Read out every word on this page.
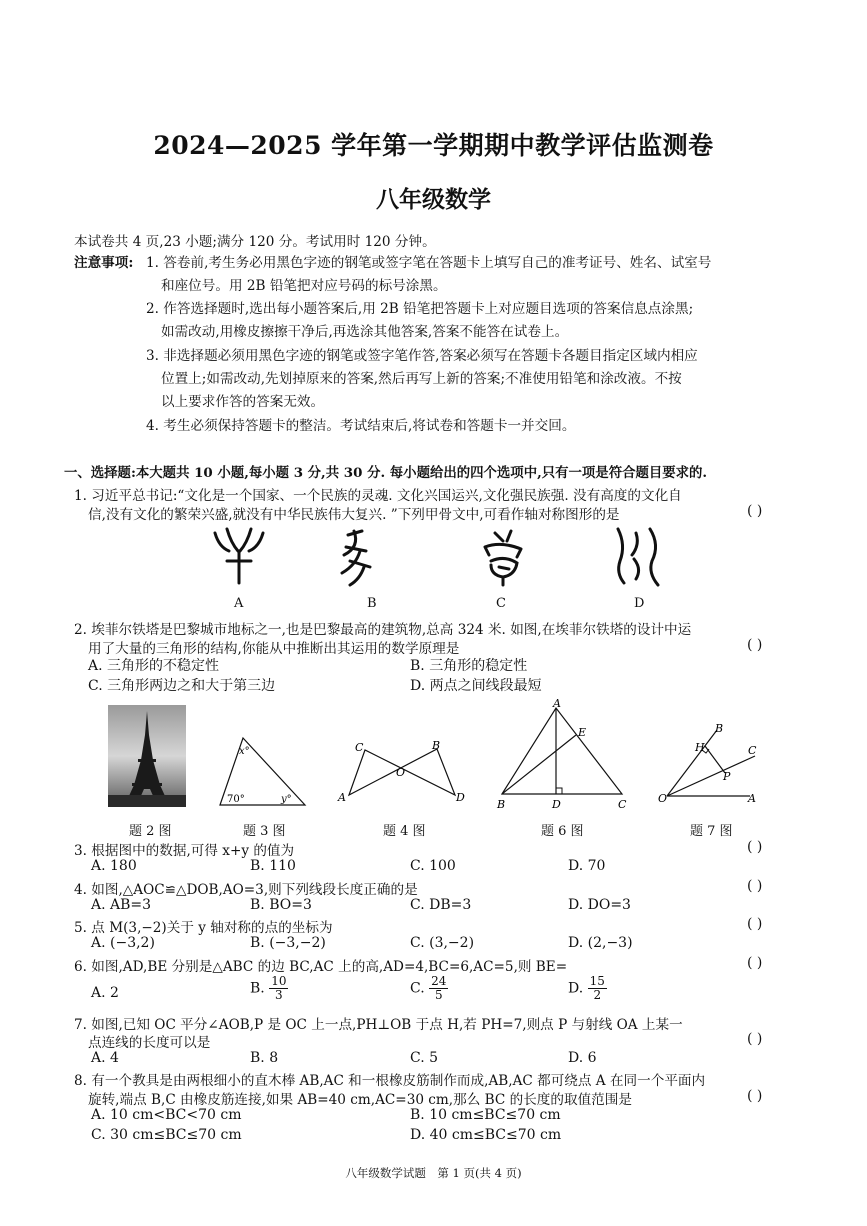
2024—2025 学年第一学期期中教学评估监测卷
八年级数学
本试卷共 4 页,23 小题;满分 120 分。考试用时 120 分钟。
注意事项: 1. 答卷前,考生务必用黑色字迹的钢笔或签字笔在答题卡上填写自己的准考证号、姓名、试室号
和座位号。用 2B 铅笔把对应号码的标号涂黑。
2. 作答选择题时,选出每小题答案后,用 2B 铅笔把答题卡上对应题目选项的答案信息点涂黑;
如需改动,用橡皮擦擦干净后,再选涂其他答案,答案不能答在试卷上。
3. 非选择题必须用黑色字迹的钢笔或签字笔作答,答案必须写在答题卡各题目指定区域内相应
位置上;如需改动,先划掉原来的答案,然后再写上新的答案;不准使用铅笔和涂改液。不按
以上要求作答的答案无效。
4. 考生必须保持答题卡的整洁。考试结束后,将试卷和答题卡一并交回。
一、选择题:本大题共 10 小题,每小题 3 分,共 30 分. 每小题给出的四个选项中,只有一项是符合题目要求的.
1. 习近平总书记:“文化是一个国家、一个民族的灵魂. 文化兴国运兴,文化强民族强. 没有高度的文化自
信,没有文化的繁荣兴盛,就没有中华民族伟大复兴. ”下列甲骨文中,可看作轴对称图形的是	( )
A	B	C	D
2. 埃菲尔铁塔是巴黎城市地标之一,也是巴黎最高的建筑物,总高 324 米. 如图,在埃菲尔铁塔的设计中运
用了大量的三角形的结构,你能从中推断出其运用的数学原理是	( )
A. 三角形的不稳定性	B. 三角形的稳定性
C. 三角形两边之和大于第三边	D. 两点之间线段最短
x°
70°	y°
C	B
O
A	D
A
E
B	D	C
B
H	C
P
O	A
题 2 图	题 3 图	题 4 图	题 6 图	题 7 图
3. 根据图中的数据,可得 x+y 的值为	( )
A. 180	B. 110	C. 100	D. 70
4. 如图,△AOC≌△DOB,AO=3,则下列线段长度正确的是	( )
A. AB=3	B. BO=3	C. DB=3	D. DO=3
5. 点 M(3,−2)关于 y 轴对称的点的坐标为	( )
A. (−3,2)	B. (−3,−2)	C. (3,−2)	D. (2,−3)
6. 如图,AD,BE 分别是△ABC 的边 BC,AC 上的高,AD=4,BC=6,AC=5,则 BE=	( )
A. 2	B. $\frac{10}{3}$	C. $\frac{24}{5}$	D. $\frac{15}{2}$
7. 如图,已知 OC 平分∠AOB,P 是 OC 上一点,PH⊥OB 于点 H,若 PH=7,则点 P 与射线 OA 上某一
点连线的长度可以是	( )
A. 4	B. 8	C. 5	D. 6
8. 有一个教具是由两根细小的直木棒 AB,AC 和一根橡皮筋制作而成,AB,AC 都可绕点 A 在同一个平面内
旋转,端点 B,C 由橡皮筋连接,如果 AB=40 cm,AC=30 cm,那么 BC 的长度的取值范围是	( )
A. 10 cm<BC<70 cm	B. 10 cm≤BC≤70 cm
C. 30 cm≤BC≤70 cm	D. 40 cm≤BC≤70 cm
八年级数学试题　第 1 页(共 4 页)
